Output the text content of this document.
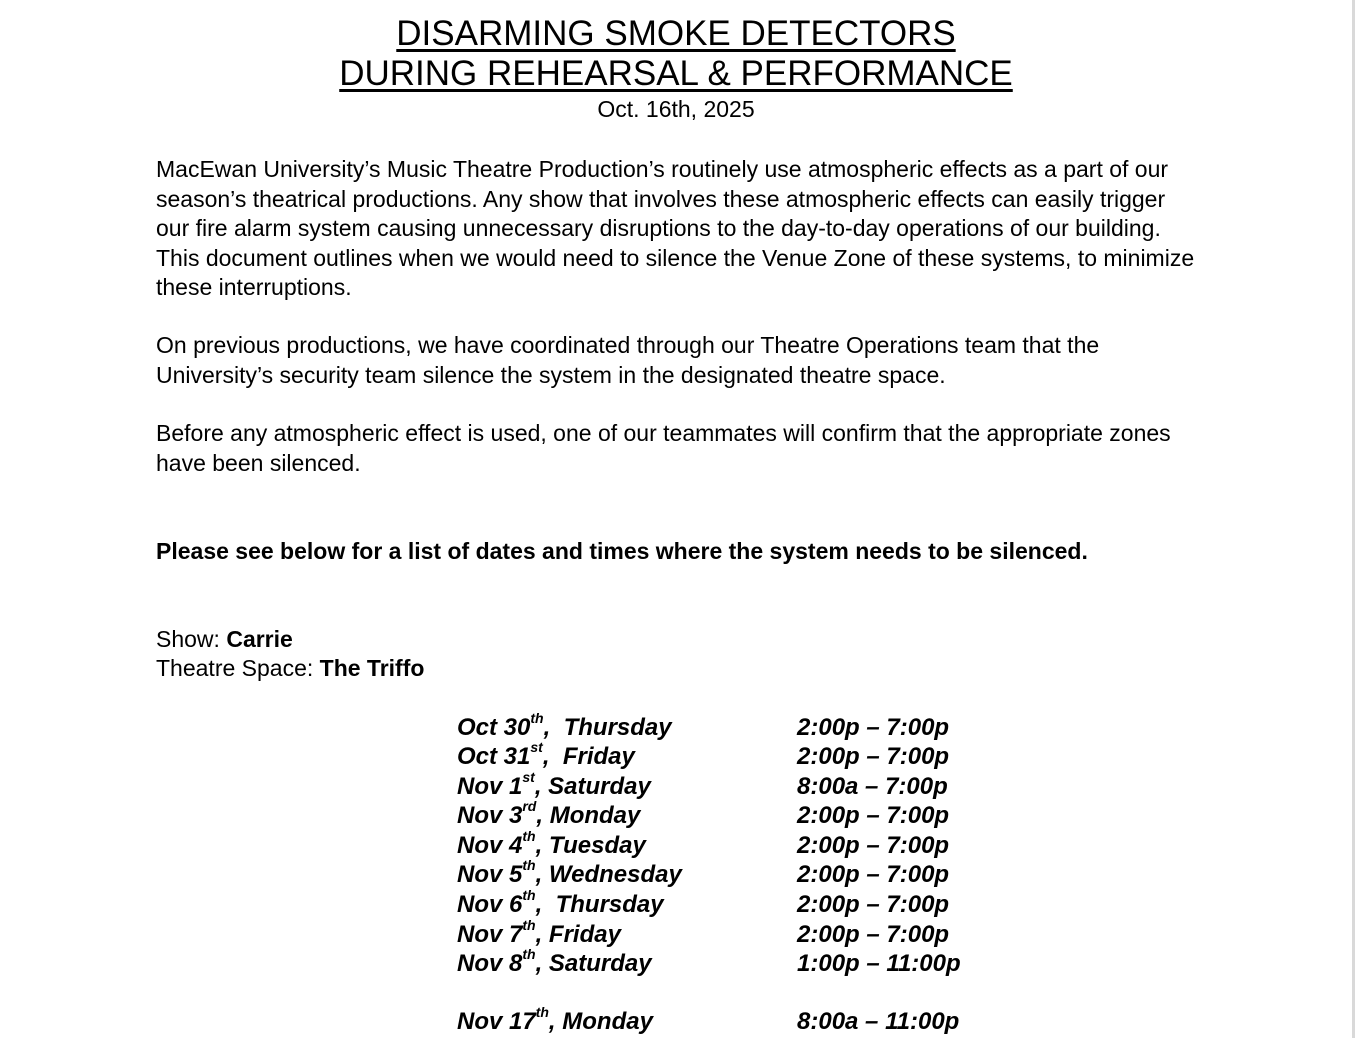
DISARMING SMOKE DETECTORS
DURING REHEARSAL & PERFORMANCE
Oct. 16th, 2025

MacEwan University’s Music Theatre Production’s routinely use atmospheric effects as a part of our season’s theatrical productions. Any show that involves these atmospheric effects can easily trigger our fire alarm system causing unnecessary disruptions to the day-to-day operations of our building. This document outlines when we would need to silence the Venue Zone of these systems, to minimize these interruptions.

On previous productions, we have coordinated through our Theatre Operations team that the University’s security team silence the system in the designated theatre space.

Before any atmospheric effect is used, one of our teammates will confirm that the appropriate zones have been silenced.

Please see below for a list of dates and times where the system needs to be silenced.
Show: Carrie
Theatre Space: The Triffo
Oct 30th,  Thursday	2:00p – 7:00p
Oct 31st,  Friday	2:00p – 7:00p
Nov 1st, Saturday	8:00a – 7:00p
Nov 3rd, Monday	2:00p – 7:00p
Nov 4th, Tuesday	2:00p – 7:00p
Nov 5th, Wednesday	2:00p – 7:00p
Nov 6th,  Thursday	2:00p – 7:00p
Nov 7th, Friday	2:00p – 7:00p
Nov 8th, Saturday	1:00p – 11:00p
Nov 17th, Monday	8:00a – 11:00p
